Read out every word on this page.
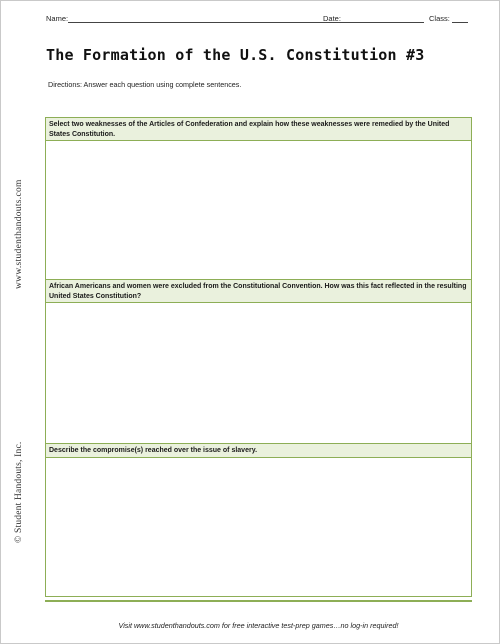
Name:	Date:	Class:
The Formation of the U.S. Constitution #3
Directions: Answer each question using complete sentences.
www.studenthandouts.com
© Student Handouts, Inc.
Select two weaknesses of the Articles of Confederation and explain how these weaknesses were remedied by the United States Constitution.
African Americans and women were excluded from the Constitutional Convention. How was this fact reflected in the resulting United States Constitution?
Describe the compromise(s) reached over the issue of slavery.
Visit www.studenthandouts.com for free interactive test-prep games…no log-in required!
